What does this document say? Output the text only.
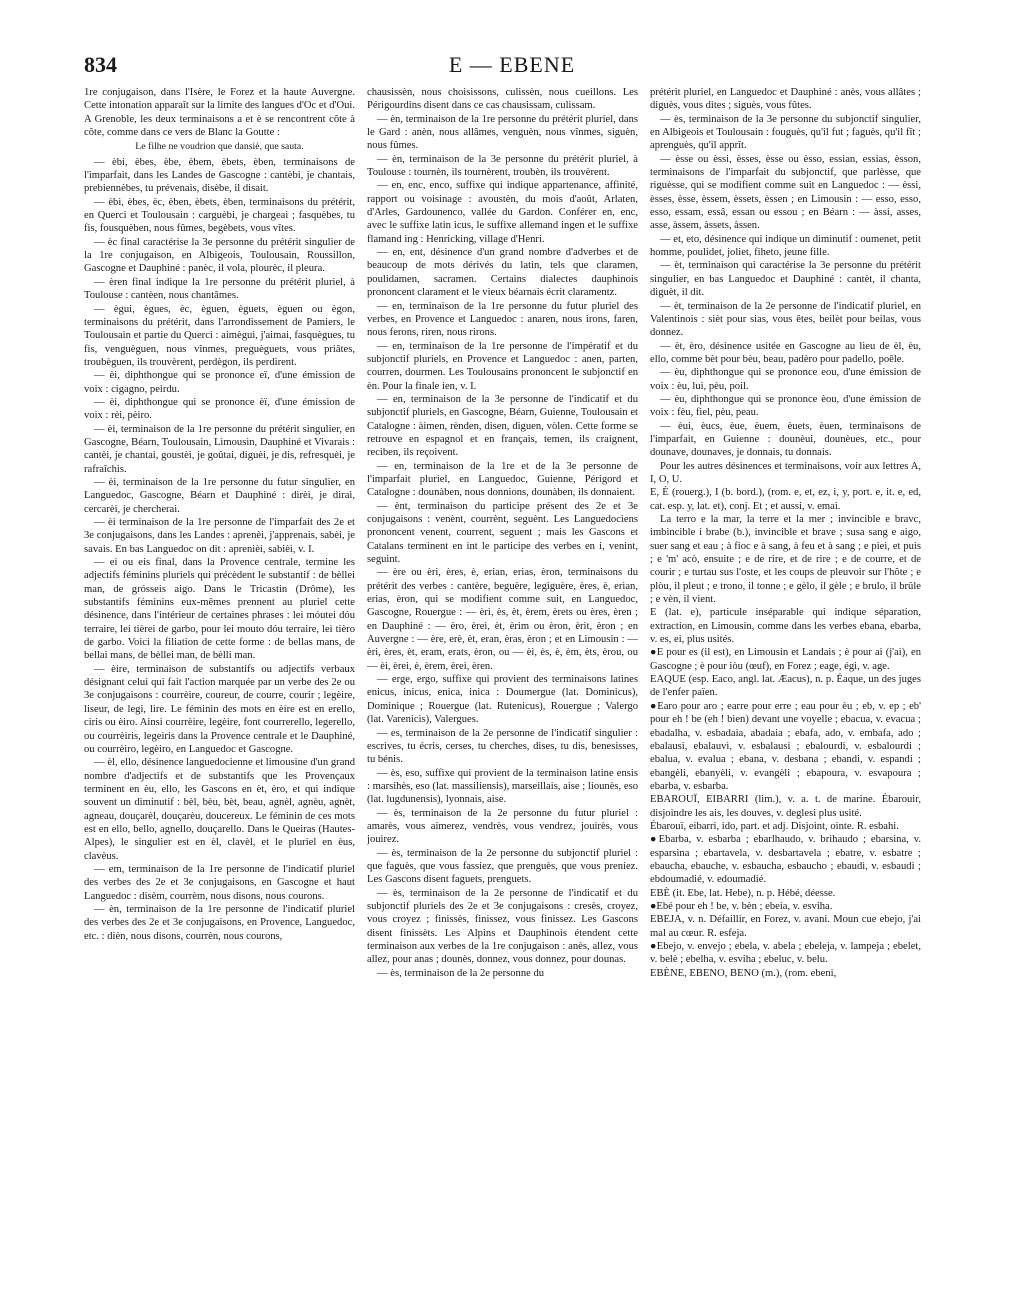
834	E — EBENE

1re conjugaison, dans l'Isère, le Forez et la haute Auvergne. Cette intonation apparaît sur la limite des langues d'Oc et d'Oui. A Grenoble, les deux terminaisons a et è se rencontrent côte à côte, comme dans ce vers de Blanc la Goutte :

Le filhe ne voudrion que dansiè, que sauta.

— èbi, èbes, èbe, èbem, èbets, èben, terminaisons de l'imparfait, dans les Landes de Gascogne : cantèbi, je chantais, prebiennèbes, tu prévenais, disèbe, il disait.

— èbi, èbes, èc, èben, èbets, èben, terminaisons du prétérit, en Querci et Toulousain : carguèbi, je chargeai ; fasquèbes, tu fis, fousquèben, nous fûmes, begèbets, vous vîtes.

— èc final caractérise la 3e personne du prétérit singulier de la 1re conjugaison, en Albigeois, Toulousain, Roussillon, Gascogne et Dauphiné : panèc, il vola, plourèc, il pleura.

— èren final indique la 1re personne du prétérit pluriel, à Toulouse : cantèen, nous chantâmes.

— ègui, ègues, èc, èguen, èguets, èguen ou ègon, terminaisons du prétérit, dans l'arrondissement de Pamiers, le Toulousain et partie du Querci : aimègui, j'aimai, fasquègues, tu fis, venguèguen, nous vînmes, preguèguets, vous priâtes, troubèguen, ils trouvèrent, perdègon, ils perdirent.

— èi, diphthongue qui se prononce eï, d'une émission de voix : cigagno, peirdu.

— èi, diphthongue qui se prononce èï, d'une émission de voix : rèi, pèiro.

— èi, terminaison de la 1re personne du prétérit singulier, en Gascogne, Béarn, Toulousain, Limousin, Dauphiné et Vivarais : cantèi, je chantai, goustèi, je goûtai, diguèi, je dis, refresquèi, je rafraîchis.

— èi, terminaison de la 1re personne du futur singulier, en Languedoc, Gascogne, Béarn et Dauphiné : dirèi, je dirai, cercarèi, je chercherai.

— èi terminaison de la 1re personne de l'imparfait des 2e et 3e conjugaisons, dans les Landes : aprenèi, j'apprenais, sabèi, je savais. En bas Languedoc on dit : aprenièi, sabièi, v. I.

— ei ou eis final, dans la Provence centrale, termine les adjectifs féminins pluriels qui précèdent le substantif : de bèllei man, de grósseis aigo. Dans le Tricastin (Drôme), les substantifs féminins eux-mêmes prennent au pluriel cette désinence, dans l'intérieur de certaines phrases : lei móutei dóu terraire, lei tièrei de garbo, pour lei mouto dóu terraire, lei tièro de garbo. Voici la filiation de cette forme : de bellas mans, de bellai mans, de bèllei man, de bèlli man.

— èire, terminaison de substantifs ou adjectifs verbaux désignant celui qui fait l'action marquée par un verbe des 2e ou 3e conjugaisons : courrèire, coureur, de courre, courir ; legèire, liseur, de legi, lire. Le féminin des mots en èire est en erello, ciris ou èiro. Ainsi courrèire, legèire, font courrerello, legerello, ou courrèiris, legeiris dans la Provence centrale et le Dauphiné, ou courrèiro, legèiro, en Languedoc et Gascogne.

— èl, ello, désinence languedocienne et limousine d'un grand nombre d'adjectifs et de substantifs que les Provençaux terminent en èu, ello, les Gascons en èt, èro, et qui indique souvent un diminutif : bèl, bèu, bèt, beau, agnèl, agnèu, agnèt, agneau, douçarèl, douçarèu, doucereux. Le féminin de ces mots est en ello, bello, agnello, douçarello. Dans le Queiras (Hautes-Alpes), le singulier est en èl, clavèl, et le pluriel en èus, clavèus.

— em, terminaison de la 1re personne de l'indicatif pluriel des verbes des 2e et 3e conjugaisons, en Gascogne et haut Languedoc : disèm, courrèm, nous disons, nous courons.

— èn, terminaison de la 1re personne de l'indicatif pluriel des verbes des 2e et 3e conjugaisons, en Provence, Languedoc, etc. : dièn, nous disons, courrèn, nous courons,

chausissèn, nous choisissons, culissèn, nous cueillons. Les Périgourdins disent dans ce cas chausissam, culissam.

— èn, terminaison de la 1re personne du prétérit pluriel, dans le Gard : anèn, nous allâmes, venguèn, nous vînmes, siguèn, nous fûmes.

— èn, terminaison de la 3e personne du prétérit pluriel, à Toulouse : tournèn, ils tournèrent, troubèn, ils trouvèrent.

— en, enc, enco, suffixe qui indique appartenance, affinité, rapport ou voisinage : avoustèn, du mois d'août, Arlaten, d'Arles, Gardounenco, vallée du Gardon. Conférer en, enc, avec le suffixe latin icus, le suffixe allemand ingen et le suffixe flamand ing : Henricking, village d'Henri.

— en, ent, désinence d'un grand nombre d'adverbes et de beaucoup de mots dérivés du latin, tels que claramen, poulidamen, sacramen. Certains dialectes dauphinois prononcent clarament et le vieux béarnais écrit claramentz.

— en, terminaison de la 1re personne du futur pluriel des verbes, en Provence et Languedoc : anaren, nous irons, faren, nous ferons, riren, nous rirons.

— en, terminaison de la 1re personne de l'impératif et du subjonctif pluriels, en Provence et Languedoc : anen, parten, courren, dourmen. Les Toulousains prononcent le subjonctif en èn. Pour la finale ien, v. I.

— en, terminaison de la 3e personne de l'indicatif et du subjonctif pluriels, en Gascogne, Béarn, Guienne, Toulousain et Catalogne : àimen, rènden, disen, diguen, vòlen. Cette forme se retrouve en espagnol et en français, temen, ils craignent, reciben, ils reçoivent.

— en, terminaison de la 1re et de la 3e personne de l'imparfait pluriel, en Languedoc, Guienne, Périgord et Catalogne : dounàben, nous donnions, dounàben, ils donnaient.

— ènt, terminaison du participe présent des 2e et 3e conjugaisons : venènt, courrènt, seguènt. Les Languedociens prononcent venent, courrent, seguent ; mais les Gascons et Catalans terminent en int le participe des verbes en i, venint, seguint.

— ère ou èri, ères, è, erian, erias, èron, terminaisons du prétérit des verbes : cantère, beguère, legiguère, ères, è, erian, erias, èron, qui se modifient comme suit, en Languedoc, Gascogne, Rouergue : — èri, ès, èt, èrem, èrets ou ères, èren ; en Dauphiné : — èro, èrei, èt, èrim ou èron, èrit, èron ; en Auvergne : — ère, erè, èt, eran, èras, èron ; et en Limousin : — èri, ères, èt, eram, erats, èron, ou — èi, ès, è, èm, èts, èrou, ou — èi, èrei, è, èrem, èrei, èren.

— erge, ergo, suffixe qui provient des terminaisons latines enicus, inicus, enica, inica : Doumergue (lat. Dominicus), Dominique ; Rouergue (lat. Rutenicus), Rouergue ; Valergo (lat. Varenicis), Valergues.

— es, terminaison de la 2e personne de l'indicatif singulier : escrives, tu écris, cerses, tu cherches, dises, tu dis, benesisses, tu bénis.

— ès, eso, suffixe qui provient de la terminaison latine ensis : marsihès, eso (lat. massiliensis), marseillais, aise ; liounès, eso (lat. lugdunensis), lyonnais, aise.

— ès, terminaison de la 2e personne du futur pluriel : amarès, vous aimerez, vendrès, vous vendrez, jouirès, vous jouirez.

— ès, terminaison de la 2e personne du subjonctif pluriel : que faguès, que vous fassiez, que prenguès, que vous preniez. Les Gascons disent faguets, prenguets.

— ès, terminaison de la 2e personne de l'indicatif et du subjonctif pluriels des 2e et 3e conjugaisons : cresès, croyez, vous croyez ; finissès, finissez, vous finissez. Les Gascons disent finissèts. Les Alpins et Dauphinois étendent cette terminaison aux verbes de la 1re conjugaison : anès, allez, vous allez, pour anas ; dounès, donnez, vous donnez, pour dounas.

— ès, terminaison de la 2e personne du

prétérit pluriel, en Languedoc et Dauphiné : anès, vous allâtes ; diguès, vous dites ; siguès, vous fûtes.

— ès, terminaison de la 3e personne du subjonctif singulier, en Albigeois et Toulousain : fouguès, qu'il fut ; faguès, qu'il fît ; aprenguès, qu'il apprît.

— èsse ou èssi, èsses, èsse ou èsso, essian, essias, èsson, terminaisons de l'imparfait du subjonctif, que parlèsse, que riguèsse, qui se modifient comme suit en Languedoc : — èssi, èsses, èsse, èssem, èssets, èssen ; en Limousin : — esso, esso, esso, essam, essâ, essan ou essou ; en Béarn : — àssi, asses, asse, àssem, àssets, àssen.

— et, eto, désinence qui indique un diminutif : oumenet, petit homme, poulidet, joliet, fiheto, jeune fille.

— èt, terminaison qui caractérise la 3e personne du prétérit singulier, en bas Languedoc et Dauphiné : cantèt, il chanta, diguèt, il dit.

— èt, terminaison de la 2e personne de l'indicatif pluriel, en Valentinois : sièt pour sias, vous êtes, beilèt pour beilas, vous donnez.

— èt, èro, désinence usitée en Gascogne au lieu de èl, èu, ello, comme bèt pour bèu, beau, padèro pour padello, poêle.

— èu, diphthongue qui se prononce eou, d'une émission de voix : èu, lui, pèu, poil.

— èu, diphthongue qui se prononce èou, d'une émission de voix : fèu, fiel, pèu, peau.

— èui, èucs, èue, èuem, èuets, èuen, terminaisons de l'imparfait, en Guienne : dounèui, dounèues, etc., pour dounave, dounaves, je donnais, tu donnais.

Pour les autres désinences et terminaisons, voir aux lettres A, I, O, U.

E, È (rouerg.), I (b. bord.), (rom. e, et, ez, i, y, port. e, it. e, ed, cat. esp. y, lat. et), conj. Et ; et aussi, v. emai.

La terro e la mar, la terre et la mer ; invincible e bravc, imbincible i brabe (b.), invincible et brave ; susa sang e aigo, suer sang et eau ; à fioc e à sang, à feu et à sang ; e piei, et puis ; e 'm' acò, ensuite ; e de rire, et de rire ; e de courre, et de courir ; e turtau sus l'oste, et les coups de pleuvoir sur l'hôte ; e plòu, il pleut ; e trono, il tonne ; e gèlo, il gèle ; e brulo, il brûle ; e vèn, il vient.

E (lat. e), particule inséparable qui indique séparation, extraction, en Limousin, comme dans les verbes ebana, ebarba, v. es, ei, plus usités.

●E pour es (il est), en Limousin et Landais ; è pour ai (j'ai), en Gascogne ; è pour iòu (œuf), en Forez ; eage, égi, v. age.

EAQUE (esp. Eaco, angl. lat. Æacus), n. p. Éaque, un des juges de l'enfer païen.

●Earo pour aro ; earre pour erre ; eau pour èu ; eb, v. ep ; eb' pour eh ! be (eh ! bien) devant une voyelle ; ebacua, v. evacua ; ebadalha, v. esbadaia, abadaia ; ebafa, ado, v. embafa, ado ; ebalausi, ebalauvi, v. esbalausi ; ebalourdi, v. esbalourdi ; ebalua, v. evalua ; ebana, v. desbana ; ebandi, v. espandi ; ebangèli, ebanyèli, v. evangèli ; ebapoura, v. esvapoura ; ebarba, v. esbarba.

EBAROUÏ, EIBARRI (lim.), v. a. t. de marine. Ébarouir, disjoindre les ais, les douves, v. deglesi plus usité.

Ébarouï, eibarri, ido, part. et adj. Disjoint, ointe. R. esbahi.

●Ebarba, v. esbarba ; ebarlhaudo, v. brihaudo ; ebarsina, v. esparsina ; ebartavela, v. desbartavela ; ebatre, v. esbatre ; ebaucha, ebauche, v. esbaucha, esbaucho ; ebaudi, v. esbaudi ; ebdoumadié, v. edoumadié.

EBÈ (it. Ebe, lat. Hebe), n. p. Hébé, déesse.

●Ebé pour eh ! be, v. bèn ; ebeia, v. esviha.

EBEJA, v. n. Défaillir, en Forez, v. avani. Moun cue ebejo, j'ai mal au cœur. R. esfeja.

●Ebejo, v. envejo ; ebela, v. abela ; ebeleja, v. lampeja ; ebelet, v. belè ; ebelha, v. esviha ; ebeluc, v. belu.

EBÈNE, EBENO, BENO (m.), (rom. ebeni,
